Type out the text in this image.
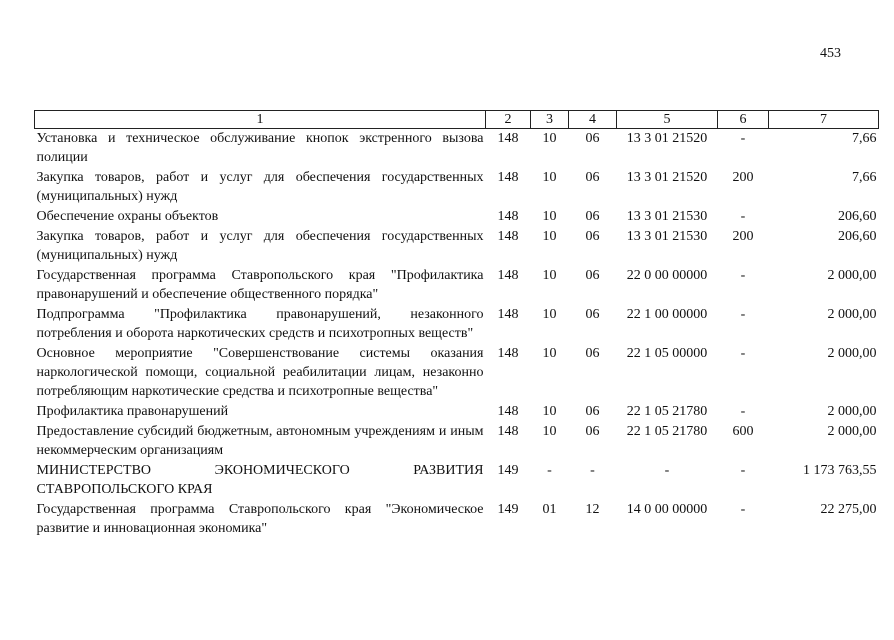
453
1	2	3	4	5	6	7
Установка и техническое обслуживание кнопок экстренного вызова полиции	148	10	06	13 3 01 21520	-	7,66
Закупка товаров, работ и услуг для обеспечения государственных (муниципальных) нужд	148	10	06	13 3 01 21520	200	7,66
Обеспечение охраны объектов	148	10	06	13 3 01 21530	-	206,60
Закупка товаров, работ и услуг для обеспечения государственных (муниципальных) нужд	148	10	06	13 3 01 21530	200	206,60
Государственная программа Ставропольского края "Профилактика правонарушений и обеспечение общественного порядка"	148	10	06	22 0 00 00000	-	2 000,00
Подпрограмма "Профилактика правонарушений, незаконного потребления и оборота наркотических средств и психотропных веществ"	148	10	06	22 1 00 00000	-	2 000,00
Основное мероприятие "Совершенствование системы оказания наркологической помощи, социальной реабилитации лицам, незаконно потребляющим наркотические средства и психотропные вещества"	148	10	06	22 1 05 00000	-	2 000,00
Профилактика правонарушений	148	10	06	22 1 05 21780	-	2 000,00
Предоставление субсидий бюджетным, автономным учреждениям и иным некоммерческим организациям	148	10	06	22 1 05 21780	600	2 000,00
МИНИСТЕРСТВО ЭКОНОМИЧЕСКОГО РАЗВИТИЯ
СТАВРОПОЛЬСКОГО КРАЯ	149	-	-	-	-	1 173 763,55
Государственная программа Ставропольского края "Экономическое развитие и инновационная экономика"	149	01	12	14 0 00 00000	-	22 275,00
